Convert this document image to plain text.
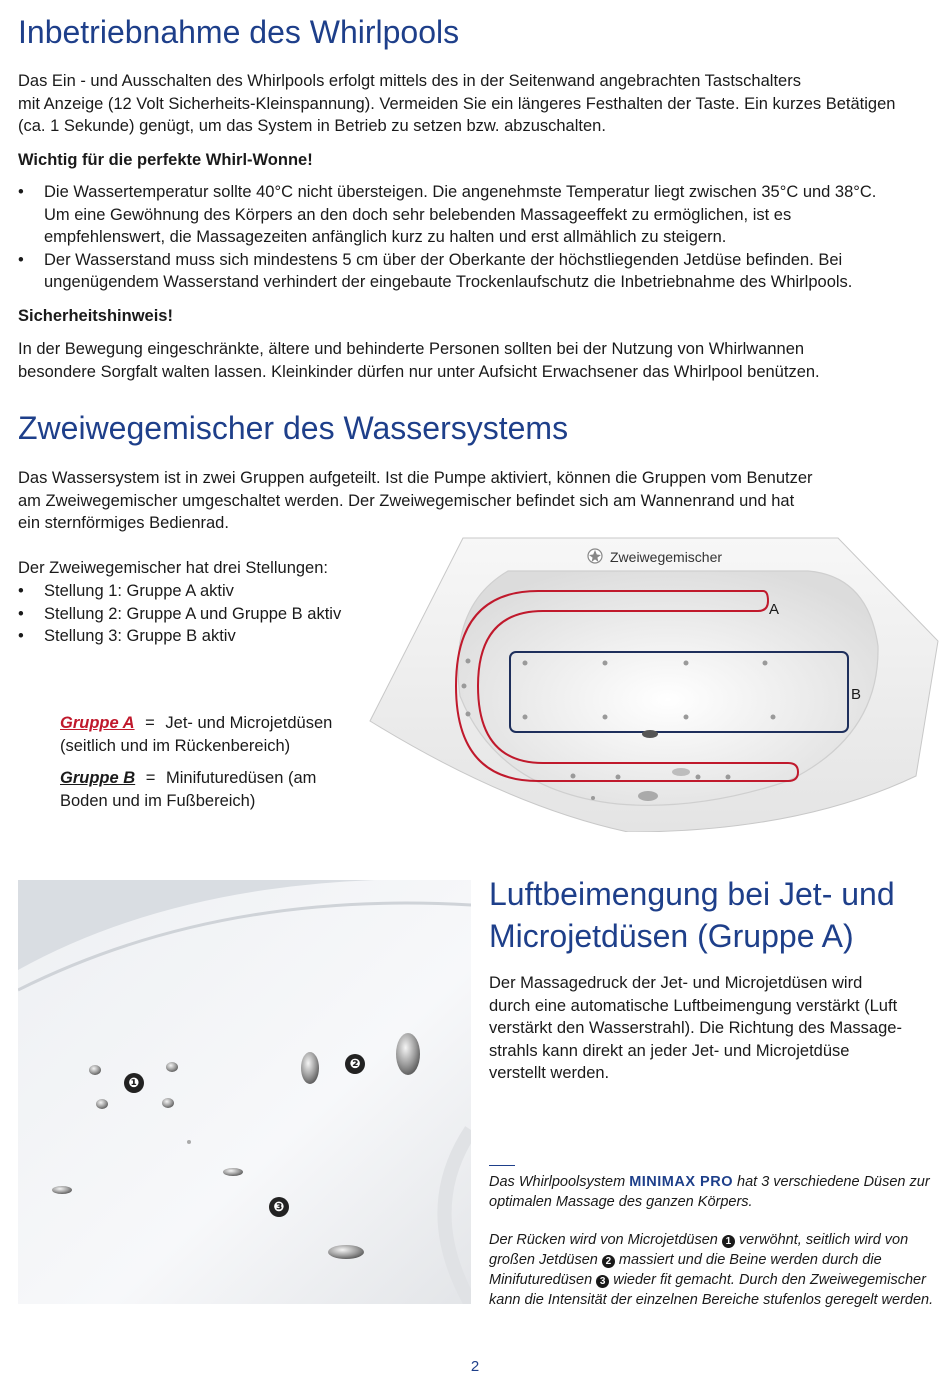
Inbetriebnahme des Whirlpools
Das Ein - und Ausschalten des Whirlpools erfolgt mittels des in der Seitenwand angebrachten Tastschalters
mit Anzeige (12 Volt Sicherheits-Kleinspannung). Vermeiden Sie ein längeres Festhalten der Taste. Ein kurzes Betätigen
(ca. 1 Sekunde) genügt, um das System in Betrieb zu setzen bzw. abzuschalten.
Wichtig für die perfekte Whirl-Wonne!
• Die Wassertemperatur sollte 40°C nicht übersteigen. Die angenehmste Temperatur liegt zwischen 35°C und 38°C.
Um eine Gewöhnung des Körpers an den doch sehr belebenden Massageeffekt zu ermöglichen, ist es
empfehlenswert, die Massagezeiten anfänglich kurz zu halten und erst allmählich zu steigern.
• Der Wasserstand muss sich mindestens 5 cm über der Oberkante der höchstliegenden Jetdüse befinden. Bei
ungenügendem Wasserstand verhindert der eingebaute Trockenlaufschutz die Inbetriebnahme des Whirlpools.
Sicherheitshinweis!
In der Bewegung eingeschränkte, ältere und behinderte Personen sollten bei der Nutzung von Whirlwannen
besondere Sorgfalt walten lassen. Kleinkinder dürfen nur unter Aufsicht Erwachsener das Whirlpool benützen.
Zweiwegemischer des Wassersystems
Das Wassersystem ist in zwei Gruppen aufgeteilt. Ist die Pumpe aktiviert, können die Gruppen vom Benutzer
am Zweiwegemischer umgeschaltet werden. Der Zweiwegemischer befindet sich am Wannenrand und hat
ein sternförmiges Bedienrad.
Der Zweiwegemischer hat drei Stellungen:
• Stellung 1: Gruppe A aktiv
• Stellung 2: Gruppe A und Gruppe B aktiv
• Stellung 3: Gruppe B aktiv
Gruppe A = Jet- und Microjetdüsen
(seitlich und im Rückenbereich)
Gruppe B = Minifuturedüsen (am
Boden und im Fußbereich)
Zweiwegemischer
A
B
❶
❷
❸
Luftbeimengung bei Jet- und
Microjetdüsen (Gruppe A)
Der Massagedruck der Jet- und Microjetdüsen wird
durch eine automatische Luftbeimengung verstärkt (Luft
verstärkt den Wasserstrahl). Die Richtung des Massage-
strahls kann direkt an jeder Jet- und Microjetdüse
verstellt werden.
Das Whirlpoolsystem MINIMAX PRO hat 3 verschiedene Düsen zur
optimalen Massage des ganzen Körpers.
Der Rücken wird von Microjetdüsen 1 verwöhnt, seitlich wird von
großen Jetdüsen 2 massiert und die Beine werden durch die
Minifuturedüsen 3 wieder fit gemacht. Durch den Zweiwegemischer
kann die Intensität der einzelnen Bereiche stufenlos geregelt werden.
2
